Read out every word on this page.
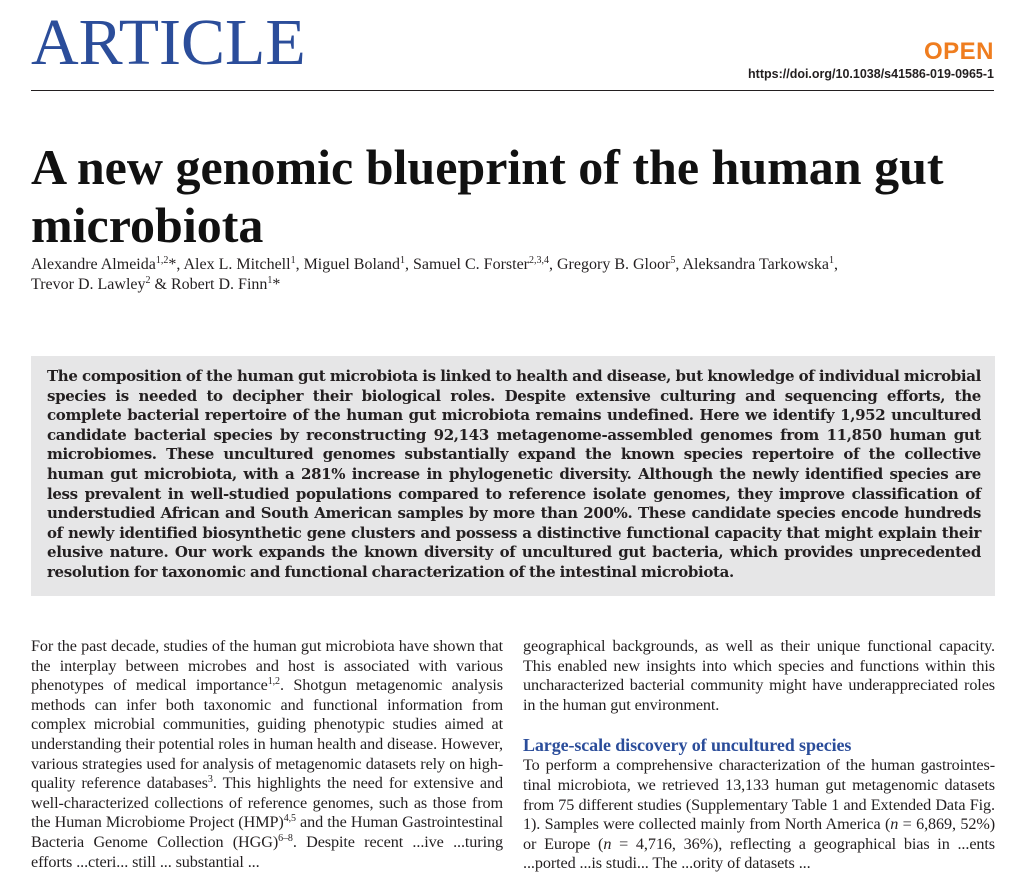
ARTICLE	OPEN
https://doi.org/10.1038/s41586-019-0965-1
A new genomic blueprint of the human gut microbiota

Alexandre Almeida$^{1,2}$*, Alex L. Mitchell$^1$, Miguel Boland$^1$, Samuel C. Forster$^{2,3,4}$, Gregory B. Gloor$^5$, Aleksandra Tarkowska$^1$,
Trevor D. Lawley$^2$ & Robert D. Finn$^1$*

The composition of the human gut microbiota is linked to health and disease, but knowledge of individual microbial species is needed to decipher their biological roles. Despite extensive culturing and sequencing efforts, the complete bacterial repertoire of the human gut microbiota remains undefined. Here we identify 1,952 uncultured candidate bacterial species by reconstructing 92,143 metagenome-assembled genomes from 11,850 human gut microbiomes. These uncultured genomes substantially expand the known species repertoire of the collective human gut microbiota, with a 281% increase in phylogenetic diversity. Although the newly identified species are less prevalent in well-studied populations compared to reference isolate genomes, they improve classification of understudied African and South American samples by more than 200%. These candidate species encode hundreds of newly identified biosynthetic gene clusters and possess a distinctive functional capacity that might explain their elusive nature. Our work expands the known diversity of uncultured gut bacteria, which provides unprecedented resolution for taxonomic and functional characterization of the intestinal microbiota.

For the past decade, studies of the human gut microbiota have shown that the interplay between microbes and host is associated with various phenotypes of medical importance$^{1,2}$. Shotgun metagenomic analysis methods can infer both taxonomic and functional information from complex microbial communities, guiding phenotypic studies aimed at understanding their potential roles in human health and disease. However, various strategies used for analysis of metagenomic datasets rely on high-quality reference databases$^3$. This highlights the need for extensive and well-characterized collections of reference genomes, such as those from the Human Microbiome Project (HMP)$^{4,5}$ and the Human Gastrointestinal Bacteria Genome Collection (HGG)$^{6-8}$. Despite recent ...ive ...turing efforts ...cteri... still ... substantial ...

geographical backgrounds, as well as their unique functional capacity. This enabled new insights into which species and functions within this uncharacterized bacterial community might have underappreciated roles in the human gut environment.

Large-scale discovery of uncultured species

To perform a comprehensive characterization of the human gastrointes-tinal microbiota, we retrieved 13,133 human gut metagenomic datasets from 75 different studies (Supplementary Table 1 and Extended Data Fig. 1). Samples were collected mainly from North America (n = 6,869, 52%) or Europe (n = 4,716, 36%), reflecting a geographical bias in ...ents ...ported ...is studi... The ...ority of datasets ...
